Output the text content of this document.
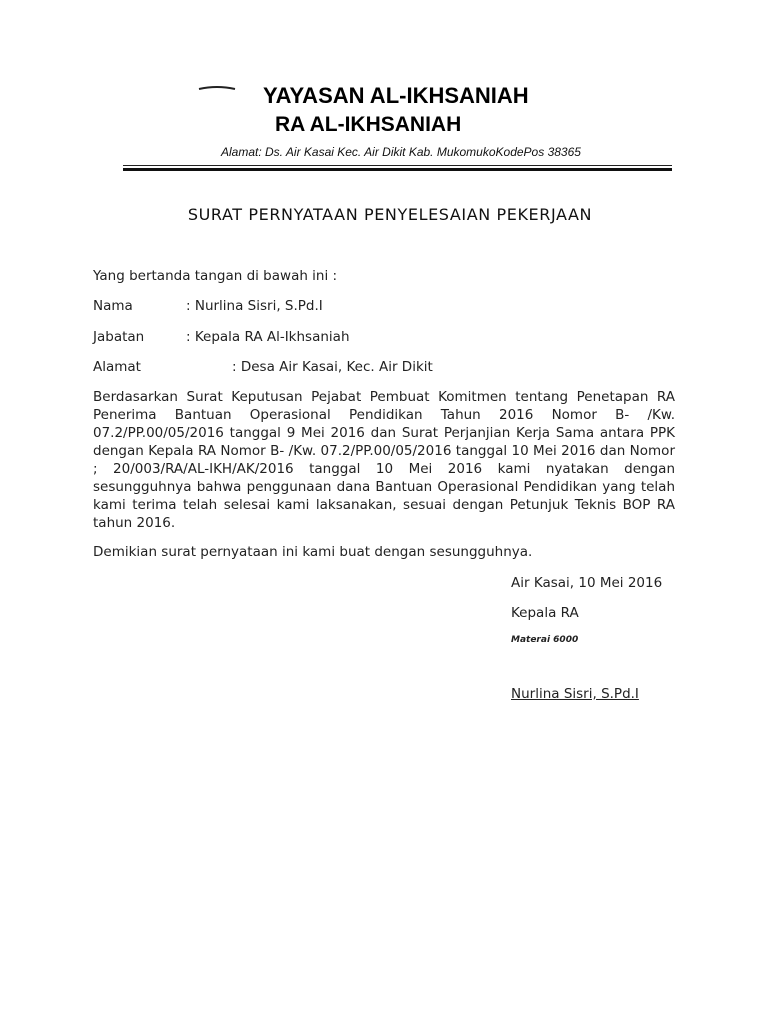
YAYASAN AL-IKHSANIAH
RA AL-IKHSANIAH
Alamat: Ds. Air Kasai Kec. Air Dikit Kab. MukomukoKodePos 38365
SURAT PERNYATAAN PENYELESAIAN PEKERJAAN
Yang bertanda tangan di bawah ini :
Nama	: Nurlina Sisri, S.Pd.I
Jabatan	: Kepala RA Al-Ikhsaniah
Alamat	: Desa Air Kasai, Kec. Air Dikit

Berdasarkan Surat Keputusan Pejabat Pembuat Komitmen tentang Penetapan RA Penerima Bantuan Operasional Pendidikan Tahun 2016 Nomor B- /Kw. 07.2/PP.00/05/2016 tanggal 9 Mei 2016 dan Surat Perjanjian Kerja Sama antara PPK dengan Kepala RA Nomor B- /Kw. 07.2/PP.00/05/2016 tanggal 10 Mei 2016 dan Nomor ; 20/003/RA/AL-IKH/AK/2016 tanggal 10 Mei 2016 kami nyatakan dengan sesungguhnya bahwa penggunaan dana Bantuan Operasional Pendidikan yang telah kami terima telah selesai kami laksanakan, sesuai dengan Petunjuk Teknis BOP RA tahun 2016.

Demikian surat pernyataan ini kami buat dengan sesungguhnya.
Air Kasai, 10 Mei 2016
Kepala RA
Materai 6000
Nurlina Sisri, S.Pd.I
